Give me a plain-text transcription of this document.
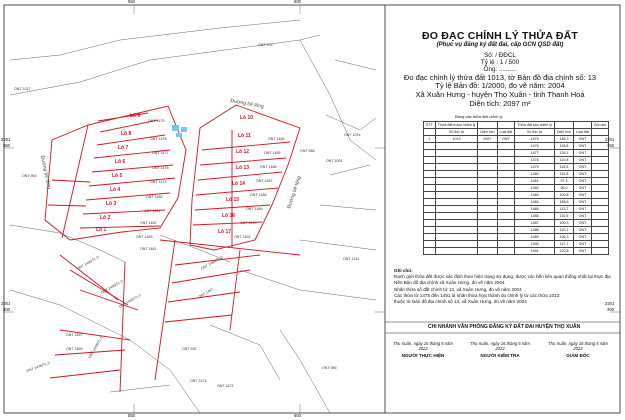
2201
350
2201
300
2201
350
2201
300
550	600
550	600
Đường bê tông
Đường bê tông
Đường bê tông
Lô 9
Lô 8
Lô 7
Lô 6
Lô 5
Lô 4
Lô 3
Lô 2
Lô 1
Lô 10
Lô 11
Lô 12
Lô 13
Lô 14
Lô 15
Lô 16
Lô 17
ONT 1475
ONT 1476
ONT 1477
ONT 1478
ONT 1479
ONT 1480
ONT 1481
ONT 1482
ONT 1483
ONT 1484
ONT 1485
ONT 1486
ONT 1487
ONT 1488
ONT 1489
ONT 1490
ONT 1491
ONT 976
ONT 1017
ONT 1014
ONT 1001
ONT 1311
ONT 1461
ONT 1474
ONT 985
ONT 932
ONT 963
ONT 968
ONT 1495/TL.0
ONT 1499/TL.0
ONT 1493/TL.0
ONT 1457
ONT 1469 ONT 1498/TL.0
ONT 1476/TL.0
ONT 1486/TL.0
ONT 1497
ONT 1474
ĐO ĐẠC CHỈNH LÝ THỬA ĐẤT
(Phục vụ đăng ký đất đai, cấp GCN QSD đất)
Số: / ĐĐCL
Tỷ lệ : 1 / 500
Ông: ..........
Đo đạc chỉnh lý thửa đất 1013, tờ Bản đồ địa chính số: 13
Tỷ lệ Bản đồ: 1/2000, đo vẽ năm: 2004
Xã Xuân Hưng - huyện Thọ Xuân - tỉnh Thanh Hoá
Diện tích: 2097 m²
Bảng các thửa đất chỉnh lý
STT	Thửa đất trước chỉnh lý			Thửa đất sau chỉnh lý			Ghi chú
	Số thứ tự	Diện tích	Loại đất	Số thứ tự	Diện tích	Loại đất	
1	1013	2097	ONT	1475	146,3	ONT	
				1476	118,8	ONT	
				1477	139,1	ONT	
				1478	110,8	ONT	
				1479	116,8	ONT	
				1480	119,8	ONT	
				1481	97,3	ONT	
				1482	96,0	ONT	
				1483	100,8	ONT	
				1484	148,6	ONT	
				1485	113,7	ONT	
				1486	110,5	ONT	
				1487	100,3	ONT	
				1488	110,1	ONT	
				1489	196,3	ONT	
				1490	117,7	ONT	
				1491	120,8	ONT	
Ghi chú:
Ranh giới thửa đất được xác định theo hiện trạng sử dụng, được các bên liên quan thống nhất tại thực địa
Nền Bản đồ địa chính xã Xuân Hưng, đo vẽ năm 2004
Nhãn thửa số đất chính tờ 13, xã Xuân Hưng, đo vẽ năm 2004
Các thửa từ 1475 đến 1491 là nhãn thửa hợp thành do chỉnh lý từ các thửa 1013
thuộc tờ Bản đồ địa chính số 13, xã Xuân Hưng, đo vẽ năm 2004
CHI NHÁNH VĂN PHÒNG ĐĂNG KÝ ĐẤT ĐAI HUYỆN THỌ XUÂN
Thọ Xuân, ngày 16 tháng 5 năm 2022
NGƯỜI THỰC HIỆN
Thọ Xuân, ngày 16 tháng 5 năm 2022
NGƯỜI KIỂM TRA
Thọ Xuân, ngày 16 tháng 5 năm 2022
GIÁM ĐỐC
